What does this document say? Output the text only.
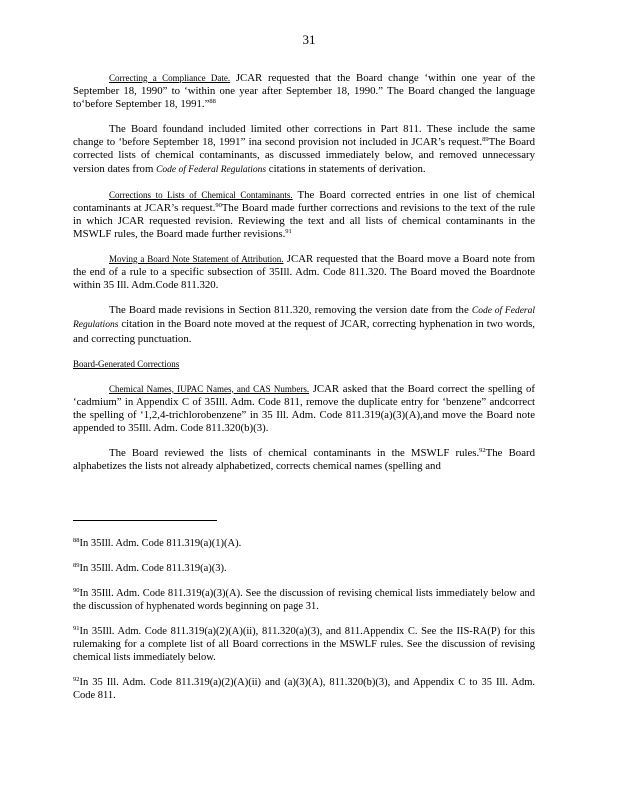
31

Correcting a Compliance Date. JCAR requested that the Board change ‘within one year of the September 18, 1990” to ‘within one year after September 18, 1990.” The Board changed the language to‘before September 18, 1991.”$^{88}$

The Board foundand included limited other corrections in Part 811. These include the same change to ‘before September 18, 1991” ina second provision not included in JCAR’s request.$^{89}$The Board corrected lists of chemical contaminants, as discussed immediately below, and removed unnecessary version dates from Code of Federal Regulations citations in statements of derivation.

Corrections to Lists of Chemical Contaminants. The Board corrected entries in one list of chemical contaminants at JCAR’s request.$^{90}$The Board made further corrections and revisions to the text of the rule in which JCAR requested revision. Reviewing the text and all lists of chemical contaminants in the MSWLF rules, the Board made further revisions.$^{91}$

Moving a Board Note Statement of Attribution. JCAR requested that the Board move a Board note from the end of a rule to a specific subsection of 35Ill. Adm. Code 811.320. The Board moved the Boardnote within 35 Ill. Adm.Code 811.320.

The Board made revisions in Section 811.320, removing the version date from the Code of Federal Regulations citation in the Board note moved at the request of JCAR, correcting hyphenation in two words, and correcting punctuation.

Board-Generated Corrections

Chemical Names, IUPAC Names, and CAS Numbers. JCAR asked that the Board correct the spelling of ‘cadmium” in Appendix C of 35Ill. Adm. Code 811, remove the duplicate entry for ‘benzene” andcorrect the spelling of ‘1,2,4-trichlorobenzene” in 35 Ill. Adm. Code 811.319(a)(3)(A),and move the Board note appended to 35Ill. Adm. Code 811.320(b)(3).

The Board reviewed the lists of chemical contaminants in the MSWLF rules.$^{92}$The Board alphabetizes the lists not already alphabetized, corrects chemical names (spelling and

$^{88}$In 35Ill. Adm. Code 811.319(a)(1)(A).

$^{89}$In 35Ill. Adm. Code 811.319(a)(3).

$^{90}$In 35Ill. Adm. Code 811.319(a)(3)(A). See the discussion of revising chemical lists immediately below and the discussion of hyphenated words beginning on page 31.

$^{91}$In 35Ill. Adm. Code 811.319(a)(2)(A)(ii), 811.320(a)(3), and 811.Appendix C. See the IIS-RA(P) for this rulemaking for a complete list of all Board corrections in the MSWLF rules. See the discussion of revising chemical lists immediately below.

$^{92}$In 35 Ill. Adm. Code 811.319(a)(2)(A)(ii) and (a)(3)(A), 811.320(b)(3), and Appendix C to 35 Ill. Adm. Code 811.
